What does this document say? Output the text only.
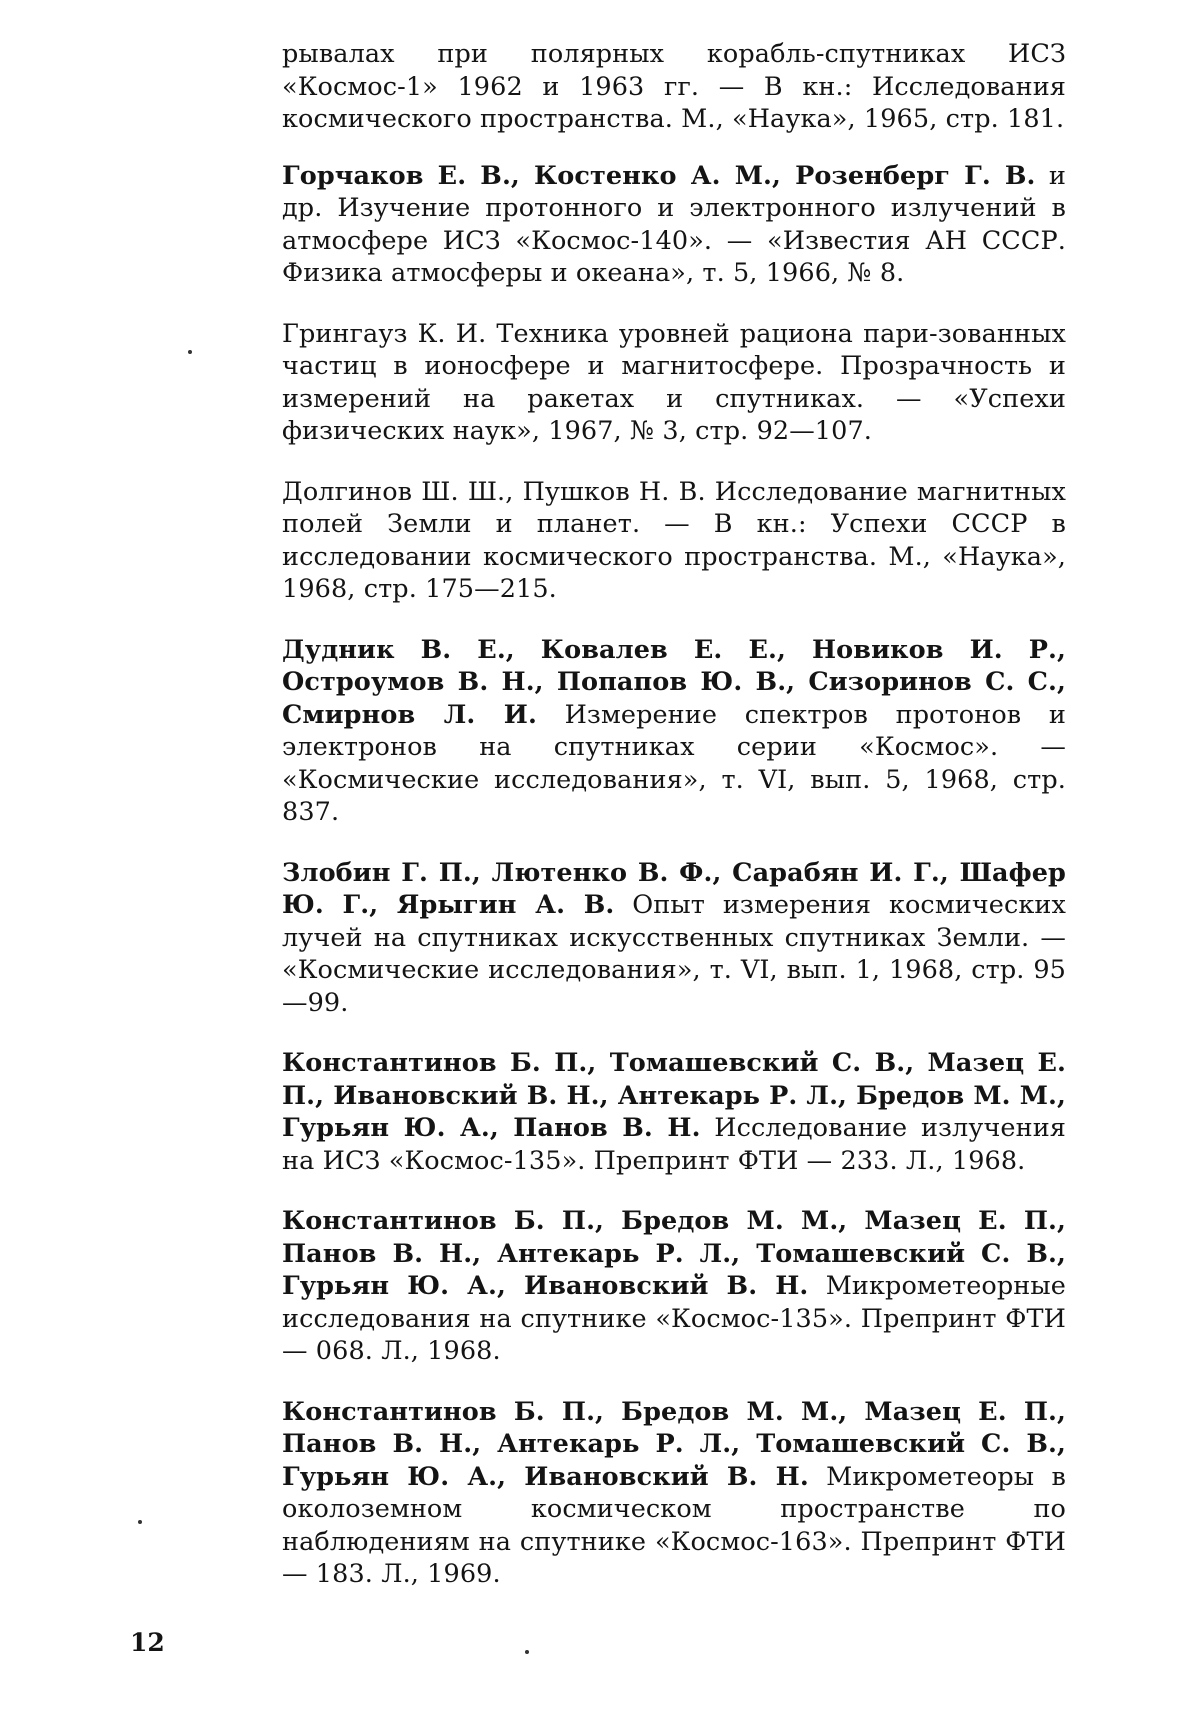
рывалах при полярных корабль-спутниках ИСЗ «Космос-1» 1962 и 1963 гг. — В кн.: Исследования космического пространства. М., «Наука», 1965, стр. 181.

Горчаков Е. В., Костенко А. М., Розенберг Г. В. и др. Изучение протонного и электронного излучений в атмосфере ИСЗ «Космос-140». — «Известия АН СССР. Физика атмосферы и океана», т. 5, 1966, № 8.

Грингауз К. И. Техника уровней рациона пари-зованных частиц в ионосфере и магнитосфере. Прозрачность и измерений на ракетах и спутниках. — «Успехи физических наук», 1967, № 3, стр. 92—107.

Долгинов Ш. Ш., Пушков Н. В. Исследование магнитных полей Земли и планет. — В кн.: Успехи СССР в исследовании космического пространства. М., «Наука», 1968, стр. 175—215.

Дудник В. Е., Ковалев Е. Е., Новиков И. Р., Остроумов В. Н., Попапов Ю. В., Сизоринов С. С., Смирнов Л. И. Измерение спектров протонов и электронов на спутниках серии «Космос». — «Космические исследования», т. VI, вып. 5, 1968, стр. 837.

Злобин Г. П., Лютенко В. Ф., Сарабян И. Г., Шафер Ю. Г., Ярыгин А. В. Опыт измерения космических лучей на спутниках искусственных спутниках Земли. — «Космические исследования», т. VI, вып. 1, 1968, стр. 95—99.

Константинов Б. П., Томашевский С. В., Мазец Е. П., Ивановский В. Н., Антекарь Р. Л., Бредов М. М., Гурьян Ю. А., Панов В. Н. Исследование излучения на ИСЗ «Космос-135». Препринт ФТИ — 233. Л., 1968.

Константинов Б. П., Бредов М. М., Мазец Е. П., Панов В. Н., Антекарь Р. Л., Томашевский С. В., Гурьян Ю. А., Ивановский В. Н. Микрометеорные исследования на спутнике «Космос-135». Препринт ФТИ — 068. Л., 1968.

Константинов Б. П., Бредов М. М., Мазец Е. П., Панов В. Н., Антекарь Р. Л., Томашевский С. В., Гурьян Ю. А., Ивановский В. Н. Микрометеоры в околоземном космическом пространстве по наблюдениям на спутнике «Космос-163». Препринт ФТИ — 183. Л., 1969.

12
